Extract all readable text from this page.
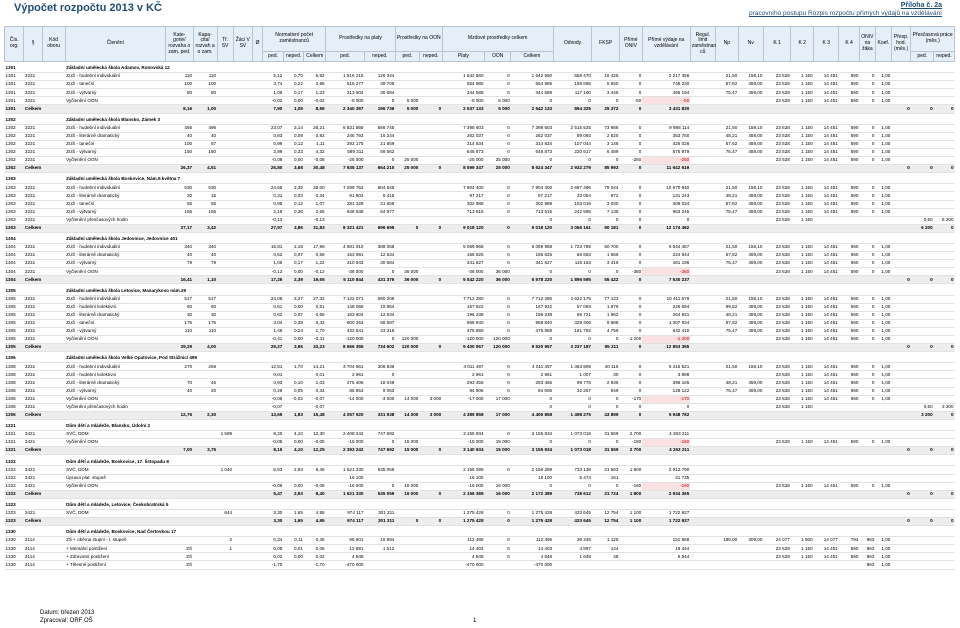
Výpočet rozpočtu 2013 v KČ	Příloha č. 2a
pracovního postupu Rozpis rozpočtu přímých výdajů na vzdělávání
Čís. org.	§	Kód oboru	Členění	Kate- gorie/ rozvaha o zam. ped.	Kapa- cita/ rozvah a o zam.	Tř. SV	Žáci V SV	Ø	Normativní počet zaměstnanců			Prostředky na platy		Prostředky na OON		Mzdové prostředky celkem			Odvody	FKSP	Přímé ONIV	Přímé výdaje na vzdělávání	Regul. limit zaměstnan ců	Np	Nv	K 1	K 2	K 3	K 4	ONIV na žáka	Koef.	Přesp. hod. (měs.)	Přesčasová práce (měs.)	
									ped.	neped.	Celkem	ped.	neped.	ped.	neped.	Platy	OON	Celkem															ped.	neped.

1301			Základní umělecká škola Adamov, Ronovská 12																															
1301	3231		ZUŠ - hudební individuální	110	110				5,12	0,70	5,82	1 516 216	126 344			1 642 560	0	1 642 560	558 470	16 426	0	2 217 456		21,50	158,10	23 528	1 150	14 451	590	0	1,00			
1301	3231		ZUŠ - taneční	100	100				3,74	0,22	3,96	515 277	39 708			554 985	0	554 985	188 695	5 550	0	749 230		57,62	459,00	23 528	1 150	14 451	590	0	1,00			
1301	3231		ZUŠ - výtvarný	80	80				1,06	0,17	1,23	313 904	30 684			344 588	0	344 588	117 160	3 446	0	465 194		75,47	459,00	23 528	1 150	14 451	590	0	1,00			
1301	3231		Vyčlenění OON						-0,02	0,00	-0,02	-5 000	0	5 000		-5 000	5 000	0	0	0	-50	-50				23 528	1 150	14 451	590	0	1,00			
1301	Celkem			8,16	1,00				7,90	1,09	8,99	2 340 397	196 736	5 000	0	2 537 133	5 000	2 542 133	864 325	25 372	0	3 431 830										0	0	0

1302			Základní umělecká škola Blansko, Zámek 3																															
1302	3231		ZUŠ - hudební individuální	456	496				23,07	3,14	26,21	6 831 858	566 745			7 398 603	0	7 398 603	2 515 525	73 986	0	9 988 114		21,50	158,10	23 528	1 150	14 451	590	0	1,00			
1302	3231		ZUŠ - literárně dramatický	40	40				0,83	0,09	0,92	245 793	16 244			262 037	0	262 037	89 093	2 620	0	353 750		48,21	459,00	23 528	1 150	14 451	590	0	1,00			
1302	3231		ZUŠ - taneční	100	57				0,99	0,12	1,11	293 175	21 659			314 834	0	314 834	107 044	3 148	0	425 026		57,62	459,00	23 528	1 150	14 451	590	0	1,00			
1302	3231		ZUŠ - výtvarný	150	150				3,99	0,33	4,32	589 311	59 562			648 873	0	648 873	220 617	6 489	0	875 979		75,47	459,00	23 528	1 150	14 451	590	0	1,00			
1302	3231		Vyčlenění OON						-0,08	0,00	-0,08	-25 000	0	25 000		-25 000	25 000	0	0	0	-250	-250				23 528	1 150	14 451	590	0	1,00			
1302	Celkem			26,37	4,51				26,80	3,68	30,48	7 935 137	664 210	25 000	0	8 599 347	25 000	8 624 347	2 932 279	85 993	0	11 642 619										0	0	0

1303			Základní umělecká škola Boskovice, Nám.9.května 7																															
1303	3231		ZUŠ - hudební individuální	530	530				24,65	3,35	28,00	7 299 752	604 648			7 904 400	0	7 904 400	2 687 496	79 044	0	10 670 940		21,50	158,10	23 528	1 150	14 451	590	0	1,00			
1303	3231		ZUŠ - literárně dramatický	20	15				0,31	0,03	0,34	91 802	5 415			97 217	0	97 217	33 054	972	0	131 243		48,21	459,00	23 528	1 150	14 451	590	0	1,00			
1303	3231		ZUŠ - taneční	55	55				0,95	0,12	1,07	281 329	21 659			302 988	0	302 988	103 016	3 030	0	409 034		57,62	459,00	23 528	1 150	14 451	590	0	1,00			
1303	3231		ZUŠ - výtvarný	165	165				2,19	0,36	2,55	648 538	64 977			713 515	0	713 515	242 595	7 135	0	963 245		75,47	459,00	23 528	1 150	14 451	590	0	1,00			
1303	3231		Vyčlenění přesčasových hodin						-0,13		-0,13							0	0	0	0	0				23 528	1 150						0,50	6 200
1303	Celkem			27,17	3,42				27,97	3,86	31,83	8 321 421	696 699	0	0	9 018 120	0	9 018 120	3 066 161	90 181	0	12 174 462											6 200	0

1304			Základní umělecká škola Jedovnice, Jedovnice 401																															
1304	3231		ZUŠ - hudební individuální	340	340				15,81	2,15	17,96	4 681 910	388 058			5 069 968	0	5 069 968	1 723 789	50 700	0	6 844 457		21,50	158,10	23 528	1 150	14 451	590	0	1,00			
1304	3231		ZUŠ - literárně dramatický	40	40				0,52	0,07	0,59	153 991	12 634			166 625	0	166 625	56 653	1 666	0	224 944		57,62	459,00	23 528	1 150	14 451	590	0	1,00			
1304	3231		ZUŠ - výtvarný	79	79				1,05	0,17	1,22	310 943	30 684			341 627	0	341 627	116 153	3 416	0	461 196		75,47	459,00	23 528	1 150	14 451	590	0	1,00			
1304	3231		Vyčlenění OON						-0,12	0,00	-0,12	-36 000	0	36 000		-36 000	36 000	0	0	0	-360	-360				23 528	1 150	14 451	590	0	1,00			
1304	Celkem			16,41	1,10				17,26	2,39	19,65	5 110 844	431 376	36 000	0	5 542 220	36 000	5 578 220	1 896 595	55 422	0	7 530 237										0	0	0

1305			Základní umělecká škola Letovice, Masarykovo nám.29																															
1305	3231		ZUŠ - hudební individuální	517	517				24,05	3,27	27,32	7 122 071	590 209			7 712 280	0	7 712 280	2 622 175	77 123	0	10 411 578		21,50	158,10	23 528	1 150	14 451	590	0	1,00			
1305	3231		ZUŠ - hudební kolektivní	50	50				0,51	0,00	0,51	148 068	19 854			167 922	0	167 922	57 093	1 679	0	226 694		99,52	459,00	23 528	1 150	14 451	590	0	1,00			
1305	3231		ZUŠ - literárně dramatický	30	30				0,62	0,07	0,69	183 604	12 634			196 238	0	196 238	66 721	1 962	0	264 921		48,21	459,00	23 528	1 150	14 451	590	0	1,00			
1305	3231		ZUŠ - taneční	175	175				3,04	0,38	3,42	900 253	68 587			968 840	0	968 840	329 406	9 688	0	1 307 934		57,62	459,00	23 528	1 150	14 451	590	0	1,00			
1305	3231		ZUŠ - výtvarný	110	110				1,46	0,24	1,70	432 541	43 318			475 859	0	475 859	161 792	4 759	0	642 410		75,47	459,00	23 528	1 150	14 451	590	0	1,00			
1305	3231		Vyčlenění OON						-0,41	0,00	-0,41	-120 000	0	120 000		-120 000	120 000	0	0	0	-1 200	-1 200				23 528	1 150	14 451	590	0	1,00			
1305	Celkem			29,29	4,00				29,27	3,96	33,23	8 666 355	734 602	120 000	0	9 400 957	120 000	9 520 957	3 237 187	95 211	0	12 853 355										0	0	0

1306			Základní umělecká škola Velké Opatovice, Pod Strážnicí 499																															
1306	3231		ZUŠ - hudební individuální	270	269				12,51	1,70	14,21	3 704 661	306 836			4 011 497	0	4 011 497	1 363 909	40 115	0	5 415 521		21,50	158,10	23 528	1 150	14 451	590	0	1,00			
1306	3231		ZUŠ - hudební kolektivní						0,01		0,01	2 961	0			2 961	0	2 961	1 007	30	0	3 998				23 528	1 150	14 451	590	0	1,00			
1306	3231		ZUŠ - literárně dramatický	70	45				0,93	0,10	1,03	275 406	18 049			293 455	0	293 455	99 775	2 935	0	396 165		48,21	459,00	23 528	1 150	14 451	590	0	1,00			
1306	3231		ZUŠ - výtvarný	40	20				0,29	0,05	0,34	85 853	9 053			94 906	0	94 906	32 267	949	0	128 122		75,47	459,00	23 528	1 150	14 451	590	0	1,00			
1306	3231		Vyčlenění OON						-0,05	-0,02	-0,07	-14 000	-3 000	14 000	3 000	-17 000	17 000	0	0	0	-170	-170				23 528	1 150	14 451	590	0	1,00			
1306	3231		Vyčlenění přesčasových hodin						-0,07		-0,07							0	0	0	0	0				23 528	1 150						0,50	3 200
1306	Celkem			12,76	2,30				13,65	1,83	15,48	4 057 920	331 938	14 000	3 000	4 389 858	17 000	4 406 858	1 498 275	43 899	0	5 948 782											3 200	0

1321			Dům dětí a mládeže, Blansko, Údolní 2																															
1321	3421		SVČ, DDM			1 599			8,20	4,10	12,30	2 408 242	747 692			3 155 934	0	3 155 934	1 073 018	31 559	2 700	4 263 211												
1321	3421		Vyčlenění OON						-0,05	0,00	-0,05	-15 000	0	15 000		-15 000	15 000	0	0	0	-150	-150				23 528	1 150	14 451	590	0	1,00			
1321	Celkem			7,00	3,75				8,15	4,10	12,25	2 393 242	747 692	15 000	0	3 140 934	15 000	3 155 934	1 073 018	31 559	2 700	4 263 211										0	0	0

1322			Dům dětí a mládeže, Boskovice, 17. listopadu 8																															
1322	3421		SVČ, DDM			1 040			5,53	2,93	8,46	1 621 230	535 059			2 156 289	0	2 156 289	733 138	21 563	1 800	2 912 790												
1322	3421		Úprava plat. stupně									16 100				16 100		16 100	5 474	161		21 735												
1322	3421		Vyčlenění OON						-0,06	0,00	-0,06	-16 000	0	16 000		-16 000	16 000	0	0	0	-160	-160				23 528	1 150	14 451	590	0	1,00			
1322	Celkem								5,47	2,93	8,40	1 621 330	535 059	16 000	0	2 156 389	16 000	2 172 389	738 612	21 724	1 800	2 934 365										0	0	0

1323			Dům dětí a mládeže, Letovice, Českobratrská 5																															
1323	3421		SVČ, DDM			644			3,30	1,65	4,95	974 117	301 311			1 275 428	0	1 275 428	433 645	12 754	1 100	1 722 927												
1323	Celkem								3,30	1,65	4,95	974 117	301 311	0	0	1 275 428	0	1 275 428	433 645	12 754	1 100	1 722 927										0	0	0

1330			Dům dětí a mládeže, Boskovice, Nad Čertovkou 17																															
1330	3114		ZŠ + oběma stupni - I. stupeň			2			0,34	0,11	0,45	95 601	16 894			112 495	0	112 495	38 248	1 125		151 868		195,00	309,00	24 077	1 800	14 077	794	963	1,00			
1330	3114		+ Mentální postižení	ZŠ		1			0,05	0,01	0,06	12 891	1 512			14 403	0	14 403	4 897	144		19 444				23 528	1 150	14 451	590	963	1,00			
1330	3114		+ Zdravotní postižení	ZŠ					0,02	0,00	0,02	4 848				4 848	0	4 848	1 648	48		6 544				23 528	1 150	14 451	590	963	1,00			
1330	3114		+ Tělesné postižení	ZŠ					-1,70		-1,70	-470 000				-470 000		-470 000												963	1,00			
Datum: březen 2013
Zpracoval: ORF OŠ	1
